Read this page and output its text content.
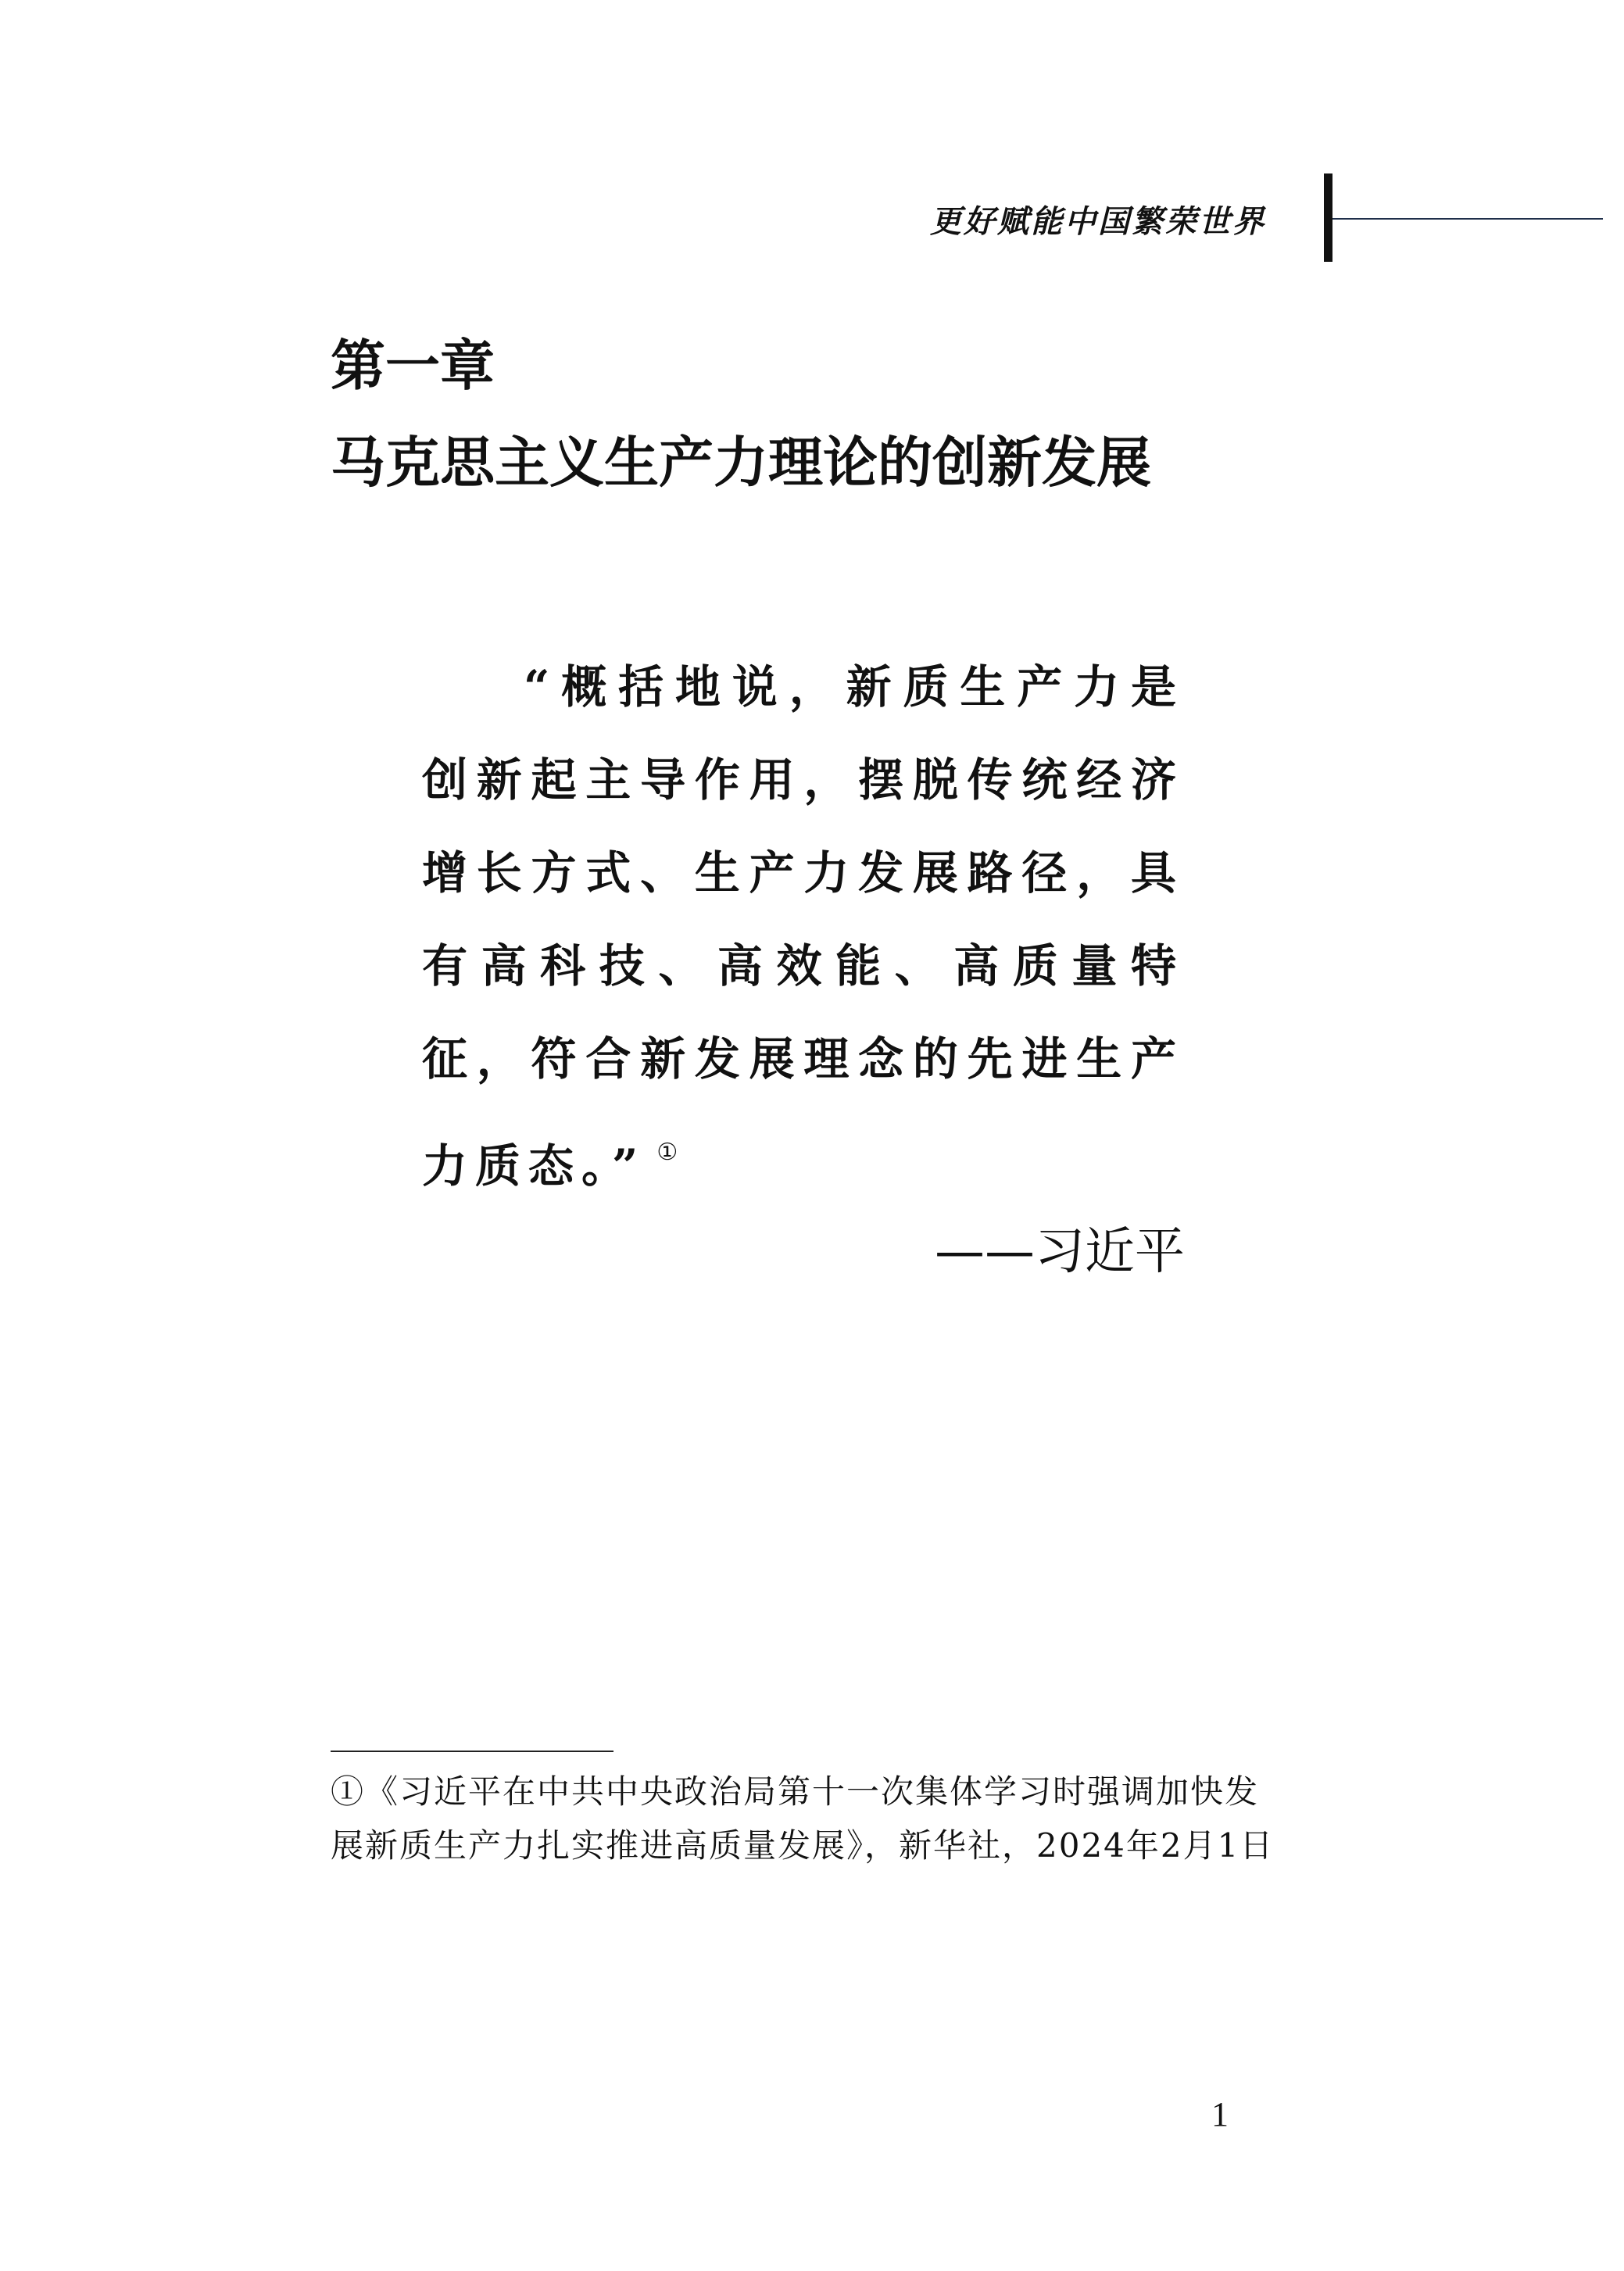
更好赋能中国繁荣世界
第一章
马克思主义生产力理论的创新发展

“概括地说，新质生产力是创新起主导作用，摆脱传统经济增长方式、生产力发展路径，具有高科技、高效能、高质量特征，符合新发展理念的先进生产力质态。” ①

——习近平

①《习近平在中共中央政治局第十一次集体学习时强调加快发展新质生产力扎实推进高质量发展》，新华社，2024年2月1日

1
